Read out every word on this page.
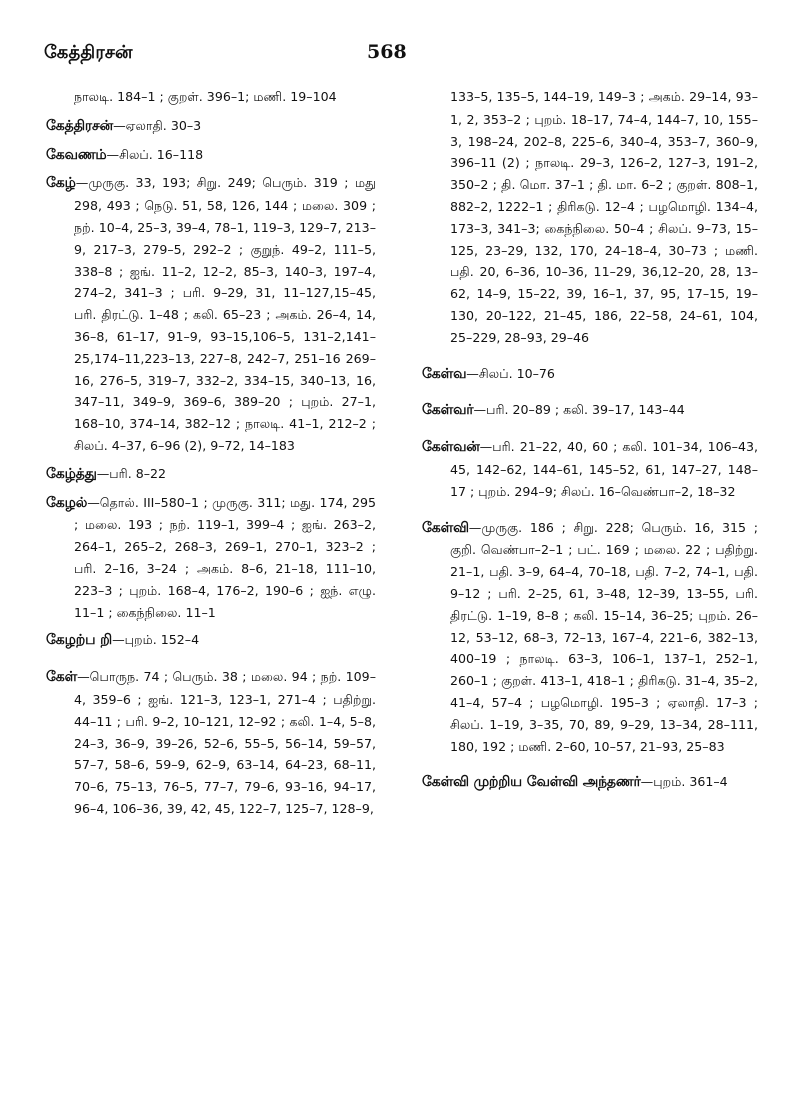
கேத்திரசன்	568

நாலடி. 184–1 ; குறள். 396–1; மணி. 19–104

கேத்திரசன்—ஏலாதி. 30–3

கேவணம்—சிலப். 16–118

கேழ்—முருகு. 33, 193; சிறு. 249; பெரும். 319 ; மது 298, 493 ; நெடு. 51, 58, 126, 144 ; மலை. 309 ; நற். 10–4, 25–3, 39–4, 78–1, 119–3, 129–7, 213–9, 217–3, 279–5, 292–2 ; குறுந். 49–2, 111–5, 338–8 ; ஐங். 11–2, 12–2, 85–3, 140–3, 197–4, 274–2, 341–3 ; பரி. 9–29, 31, 11–127,15–45, பரி. திரட்டு. 1–48 ; கலி. 65–23 ; அகம். 26–4, 14, 36–8, 61–17, 91–9, 93–15,106–5, 131–2,141–25,174–11,223–13, 227–8, 242–7, 251–16 269–16, 276–5, 319–7, 332–2, 334–15, 340–13, 16, 347–11, 349–9, 369–6, 389–20 ; புறம். 27–1, 168–10, 374–14, 382–12 ; நாலடி. 41–1, 212–2 ; சிலப். 4–37, 6–96 (2), 9–72, 14–183

கேழ்த்து—பரி. 8–22

கேழல்—தொல். III–580–1 ; முருகு. 311; மது. 174, 295 ; மலை. 193 ; நற். 119–1, 399–4 ; ஐங். 263–2, 264–1, 265–2, 268–3, 269–1, 270–1, 323–2 ; பரி. 2–16, 3–24 ; அகம். 8–6, 21–18, 111–10, 223–3 ; புறம். 168–4, 176–2, 190–6 ; ஐந். எழு. 11–1 ; கைந்நிலை. 11–1

கேழற்ப றி—புறம். 152–4

கேள்—பொருந. 74 ; பெரும். 38 ; மலை. 94 ; நற். 109–4, 359–6 ; ஐங். 121–3, 123–1, 271–4 ; பதிற்று. 44–11 ; பரி. 9–2, 10–121, 12–92 ; கலி. 1–4, 5–8, 24–3, 36–9, 39–26, 52–6, 55–5, 56–14, 59–57, 57–7, 58–6, 59–9, 62–9, 63–14, 64–23, 68–11, 70–6, 75–13, 76–5, 77–7, 79–6, 93–16, 94–17, 96–4, 106–36, 39, 42, 45, 122–7, 125–7, 128–9,

133–5, 135–5, 144–19, 149–3 ; அகம். 29–14, 93–1, 2, 353–2 ; புறம். 18–17, 74–4, 144–7, 10, 155–3, 198–24, 202–8, 225–6, 340–4, 353–7, 360–9, 396–11 (2) ; நாலடி. 29–3, 126–2, 127–3, 191–2, 350–2 ; தி. மொ. 37–1 ; தி. மா. 6–2 ; குறள். 808–1, 882–2, 1222–1 ; திரிகடு. 12–4 ; பழமொழி. 134–4, 173–3, 341–3; கைந்நிலை. 50–4 ; சிலப். 9–73, 15–125, 23–29, 132, 170, 24–18–4, 30–73 ; மணி. பதி. 20, 6–36, 10–36, 11–29, 36,12–20, 28, 13–62, 14–9, 15–22, 39, 16–1, 37, 95, 17–15, 19–130, 20–122, 21–45, 186, 22–58, 24–61, 104, 25–229, 28–93, 29–46

கேள்வ—சிலப். 10–76

கேள்வர்—பரி. 20–89 ; கலி. 39–17, 143–44

கேள்வன்—பரி. 21–22, 40, 60 ; கலி. 101–34, 106–43, 45, 142–62, 144–61, 145–52, 61, 147–27, 148–17 ; புறம். 294–9; சிலப். 16–வெண்பா–2, 18–32

கேள்வி—முருகு. 186 ; சிறு. 228; பெரும். 16, 315 ; குறி. வெண்பா–2–1 ; பட். 169 ; மலை. 22 ; பதிற்று. 21–1, பதி. 3–9, 64–4, 70–18, பதி. 7–2, 74–1, பதி. 9–12 ; பரி. 2–25, 61, 3–48, 12–39, 13–55, பரி. திரட்டு. 1–19, 8–8 ; கலி. 15–14, 36–25; புறம். 26–12, 53–12, 68–3, 72–13, 167–4, 221–6, 382–13, 400–19 ; நாலடி. 63–3, 106–1, 137–1, 252–1, 260–1 ; குறள். 413–1, 418–1 ; திரிகடு. 31–4, 35–2, 41–4, 57–4 ; பழமொழி. 195–3 ; ஏலாதி. 17–3 ; சிலப். 1–19, 3–35, 70, 89, 9–29, 13–34, 28–111, 180, 192 ; மணி. 2–60, 10–57, 21–93, 25–83

கேள்வி முற்றிய வேள்வி அந்தணர்—புறம். 361–4
